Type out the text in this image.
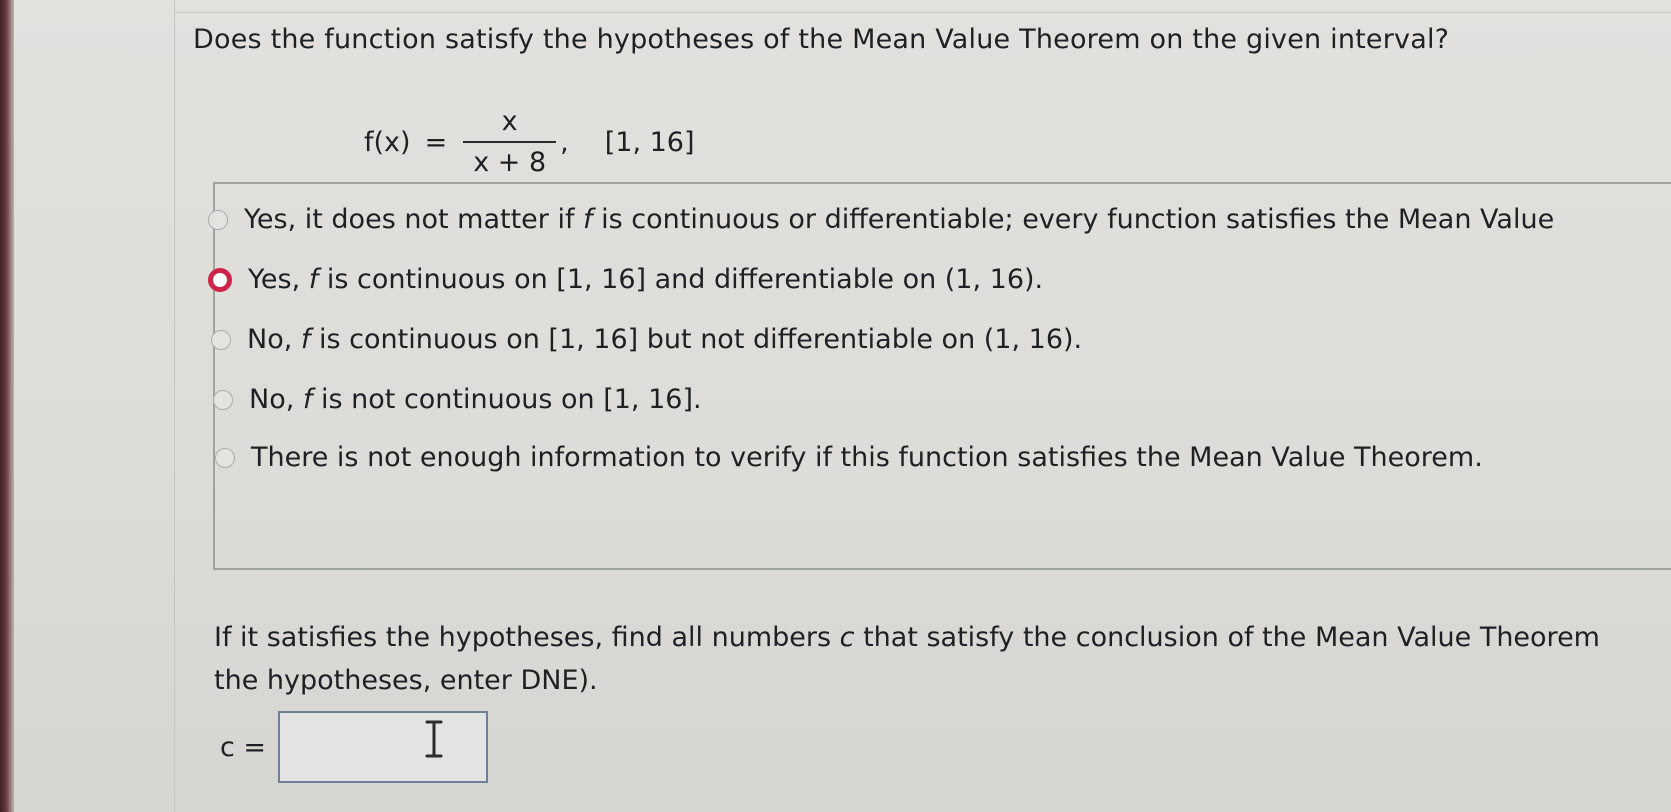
Does the function satisfy the hypotheses of the Mean Value Theorem on the given interval?
$f(x) = \frac{x}{x + 8}$ , [1, 16]
Yes, it does not matter if f is continuous or differentiable; every function satisfies the Mean Value
Yes, f is continuous on [1, 16] and differentiable on (1, 16).
No, f is continuous on [1, 16] but not differentiable on (1, 16).
No, f is not continuous on [1, 16].
There is not enough information to verify if this function satisfies the Mean Value Theorem.
If it satisfies the hypotheses, find all numbers c that satisfy the conclusion of the Mean Value Theorem
the hypotheses, enter DNE).
c =
